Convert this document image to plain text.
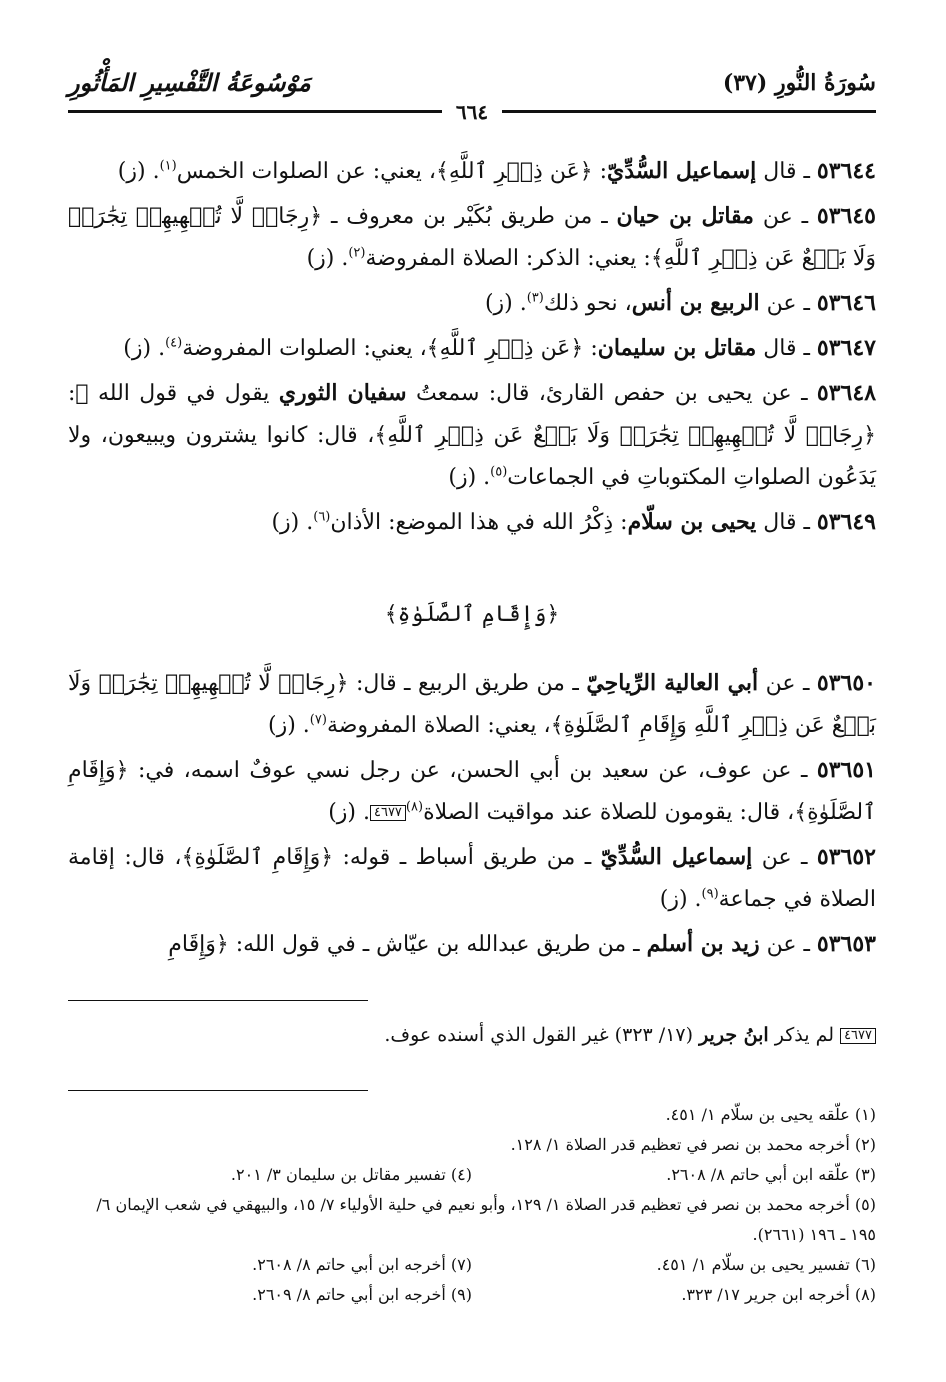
سُورَةُ النُّورِ (٣٧)
مَوْسُوعَةُ التَّفْسِيرِ المَأْثُورِ
٦٦٤
٥٣٦٤٤ ـ قال إسماعيل السُّدِّيّ: ﴿عَن ذِكۡرِ ٱللَّهِ﴾، يعني: عن الصلوات الخمس$^{(١)}$. (ز)
٥٣٦٤٥ ـ عن مقاتل بن حيان ـ من طريق بُكَيْر بن معروف ـ ﴿رِجَالٞ لَّا تُلۡهِيهِمۡ تِجَٰرَةٞ وَلَا بَيۡعٌ عَن ذِكۡرِ ٱللَّهِ﴾: يعني: الذكر: الصلاة المفروضة$^{(٢)}$. (ز)
٥٣٦٤٦ ـ عن الربيع بن أنس، نحو ذلك$^{(٣)}$. (ز)
٥٣٦٤٧ ـ قال مقاتل بن سليمان: ﴿عَن ذِكۡرِ ٱللَّهِ﴾، يعني: الصلوات المفروضة$^{(٤)}$. (ز)
٥٣٦٤٨ ـ عن يحيى بن حفص القارئ، قال: سمعتُ سفيان الثوري يقول في قول الله ﷻ: ﴿رِجَالٞ لَّا تُلۡهِيهِمۡ تِجَٰرَةٞ وَلَا بَيۡعٌ عَن ذِكۡرِ ٱللَّهِ﴾، قال: كانوا يشترون ويبيعون، ولا يَدَعُون الصلواتِ المكتوباتِ في الجماعات$^{(٥)}$. (ز)
٥٣٦٤٩ ـ قال يحيى بن سلّام: ذِكْرُ الله في هذا الموضع: الأذان$^{(٦)}$. (ز)
﴿وَإِقَامِ ٱلصَّلَوٰةِ﴾
٥٣٦٥٠ ـ عن أبي العالية الرِّياحِيّ ـ من طريق الربيع ـ قال: ﴿رِجَالٞ لَّا تُلۡهِيهِمۡ تِجَٰرَةٞ وَلَا بَيۡعٌ عَن ذِكۡرِ ٱللَّهِ وَإِقَامِ ٱلصَّلَوٰةِ﴾، يعني: الصلاة المفروضة$^{(٧)}$. (ز)
٥٣٦٥١ ـ عن عوف، عن سعيد بن أبي الحسن، عن رجل نسي عوفٌ اسمه، في: ﴿وَإِقَامِ ٱلصَّلَوٰةِ﴾، قال: يقومون للصلاة عند مواقيت الصلاة$^{(٨)}$٤٦٧٧. (ز)
٥٣٦٥٢ ـ عن إسماعيل السُّدِّيّ ـ من طريق أسباط ـ قوله: ﴿وَإِقَامِ ٱلصَّلَوٰةِ﴾، قال: إقامة الصلاة في جماعة$^{(٩)}$. (ز)
٥٣٦٥٣ ـ عن زيد بن أسلم ـ من طريق عبدالله بن عيّاش ـ في قول الله: ﴿وَإِقَامِ
٤٦٧٧ لم يذكر ابنُ جرير (١٧/ ٣٢٣) غير القول الذي أسنده عوف.
(١) علّقه يحيى بن سلّام ١/ ٤٥١.
(٢) أخرجه محمد بن نصر في تعظيم قدر الصلاة ١/ ١٢٨.
(٣) علّقه ابن أبي حاتم ٨/ ٢٦٠٨.
(٤) تفسير مقاتل بن سليمان ٣/ ٢٠١.
(٥) أخرجه محمد بن نصر في تعظيم قدر الصلاة ١/ ١٢٩، وأبو نعيم في حلية الأولياء ٧/ ١٥، والبيهقي في شعب الإيمان ٦/ ١٩٥ ـ ١٩٦ (٢٦٦١).
(٦) تفسير يحيى بن سلّام ١/ ٤٥١.
(٧) أخرجه ابن أبي حاتم ٨/ ٢٦٠٨.
(٨) أخرجه ابن جرير ١٧/ ٣٢٣.
(٩) أخرجه ابن أبي حاتم ٨/ ٢٦٠٩.
